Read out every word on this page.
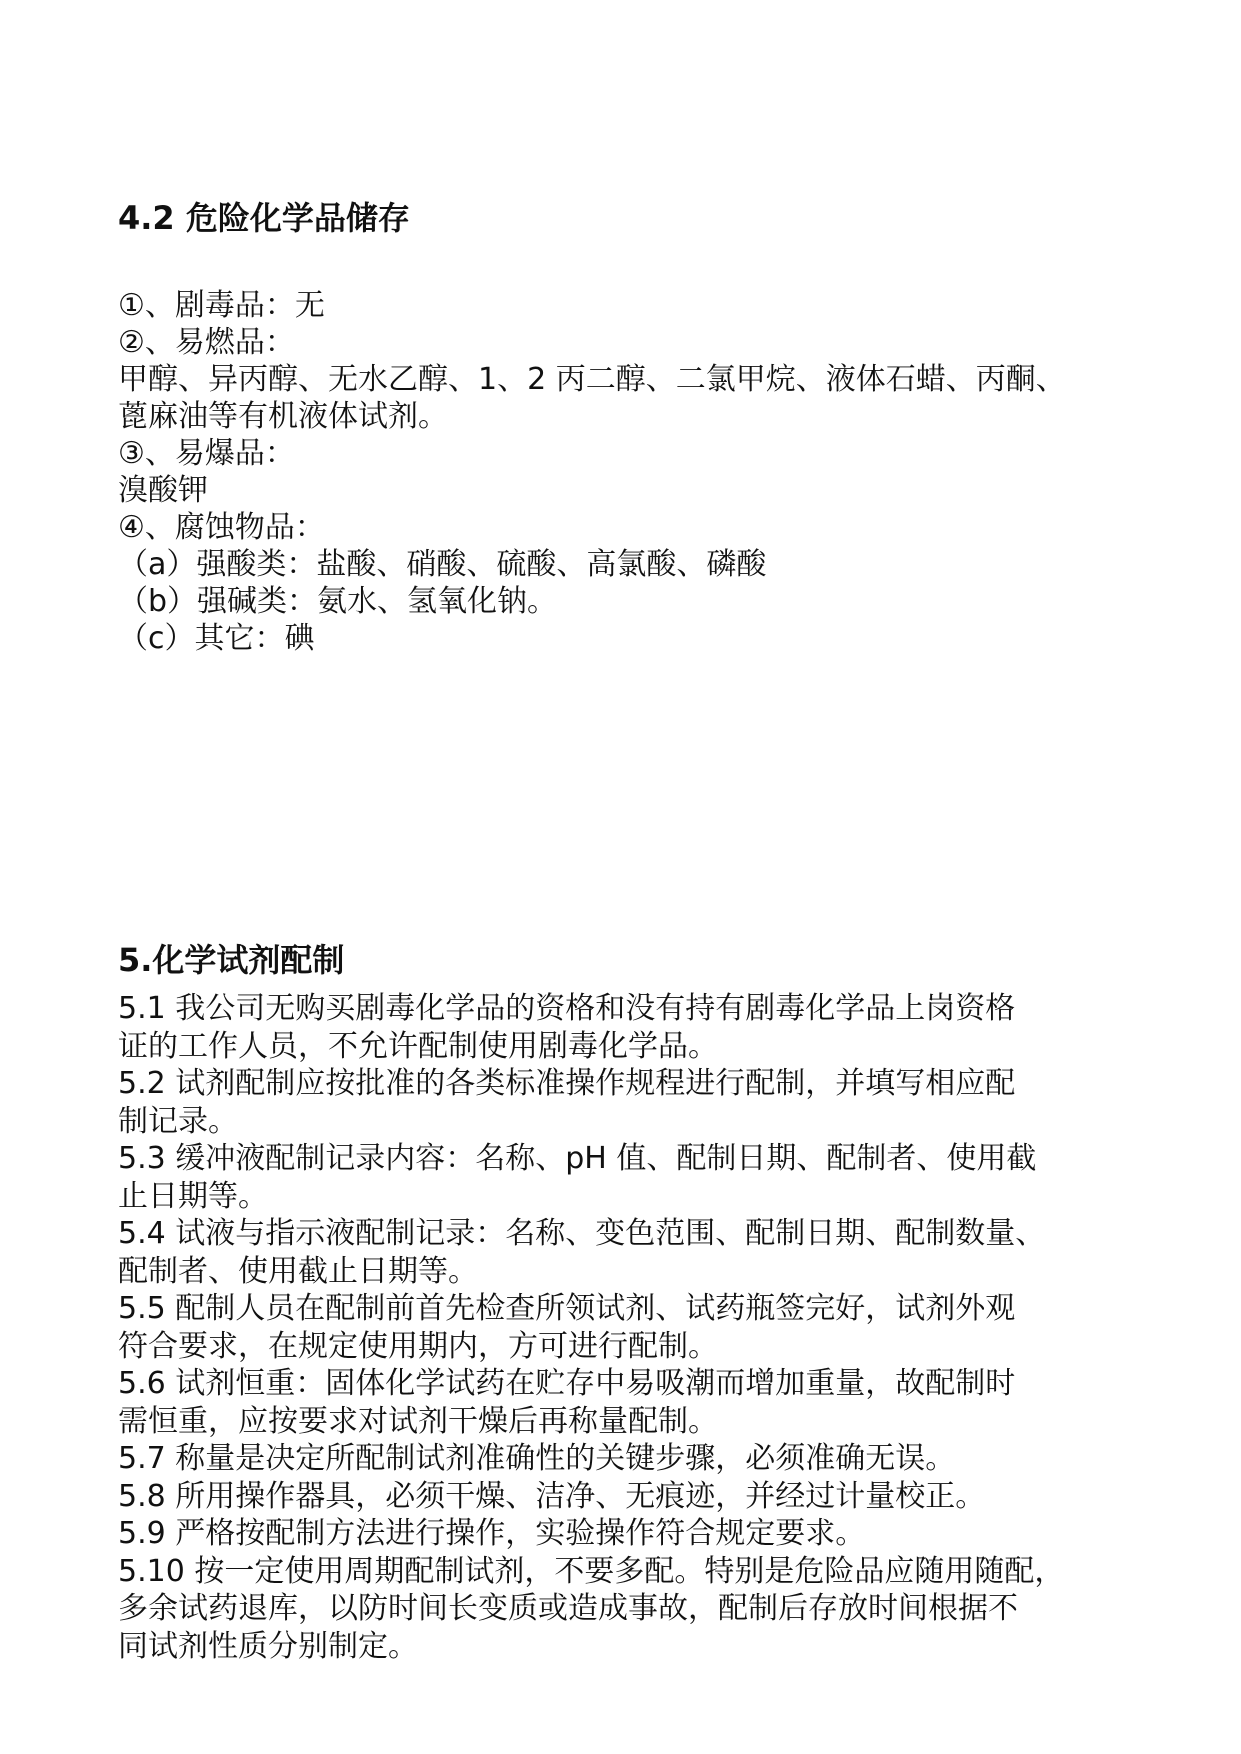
4.2 危险化学品储存
①、剧毒品：无
②、易燃品：
甲醇、异丙醇、无水乙醇、1、2 丙二醇、二氯甲烷、液体石蜡、丙酮、
蓖麻油等有机液体试剂。
③、易爆品：
溴酸钾
④、腐蚀物品：
（a）强酸类：盐酸、硝酸、硫酸、高氯酸、磷酸
（b）强碱类：氨水、氢氧化钠。
（c）其它：碘
5.化学试剂配制
5.1 我公司无购买剧毒化学品的资格和没有持有剧毒化学品上岗资格
证的工作人员，不允许配制使用剧毒化学品。
5.2 试剂配制应按批准的各类标准操作规程进行配制，并填写相应配
制记录。
5.3 缓冲液配制记录内容：名称、pH 值、配制日期、配制者、使用截
止日期等。
5.4 试液与指示液配制记录：名称、变色范围、配制日期、配制数量、
配制者、使用截止日期等。
5.5 配制人员在配制前首先检查所领试剂、试药瓶签完好，试剂外观
符合要求，在规定使用期内，方可进行配制。
5.6 试剂恒重：固体化学试药在贮存中易吸潮而增加重量，故配制时
需恒重，应按要求对试剂干燥后再称量配制。
5.7 称量是决定所配制试剂准确性的关键步骤，必须准确无误。
5.8 所用操作器具，必须干燥、洁净、无痕迹，并经过计量校正。
5.9 严格按配制方法进行操作，实验操作符合规定要求。
5.10 按一定使用周期配制试剂，不要多配。特别是危险品应随用随配，
多余试药退库，以防时间长变质或造成事故，配制后存放时间根据不
同试剂性质分别制定。
